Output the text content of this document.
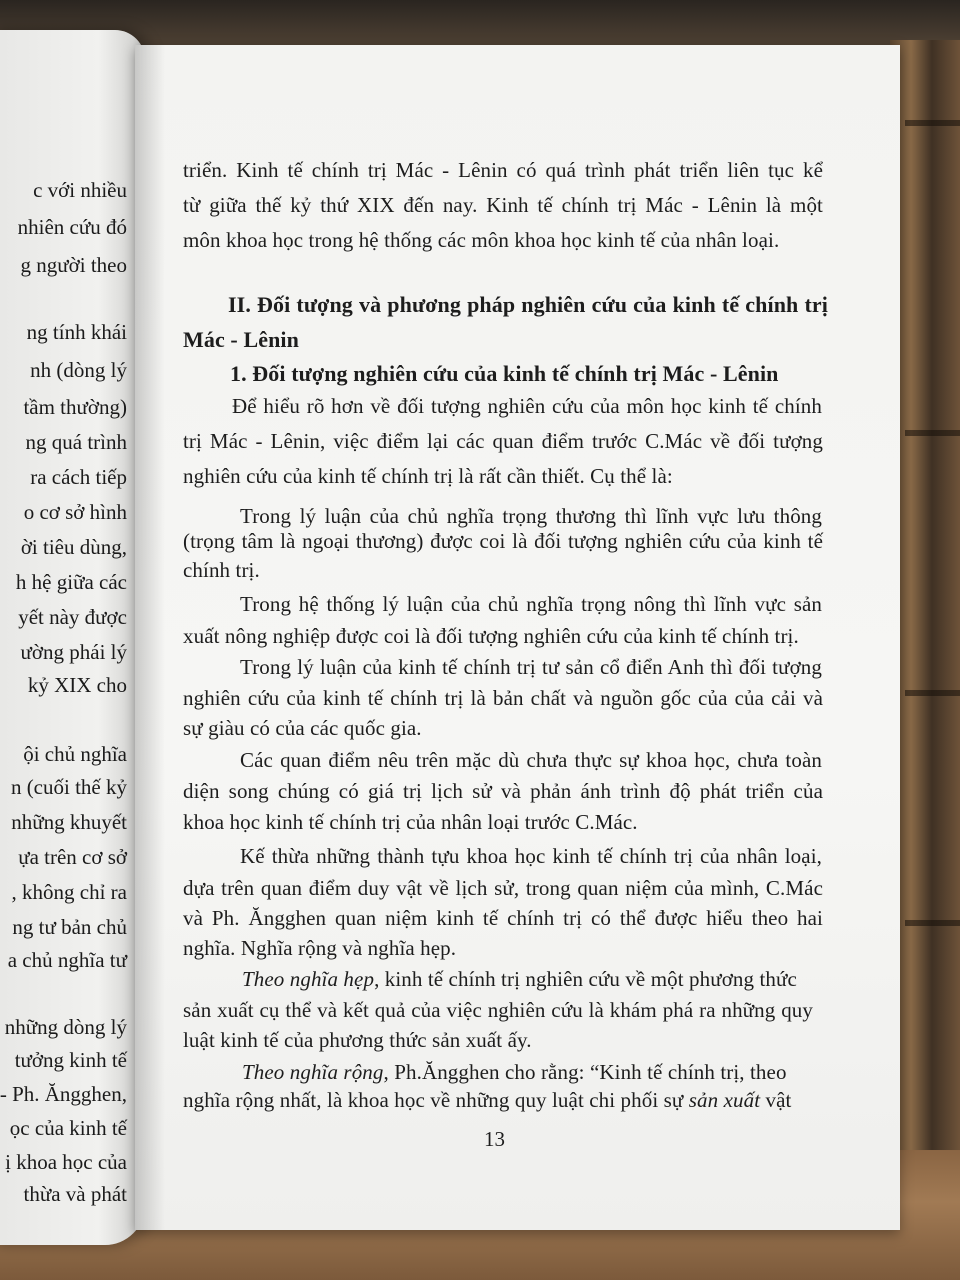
c với nhiều
nhiên cứu đó
g người theo
ng tính khái
nh (dòng lý
tầm thường)
ng quá trình
ra cách tiếp
o cơ sở hình
ời tiêu dùng,
h hệ giữa các
yết này được
ường phái lý
kỷ XIX cho
ội chủ nghĩa
n (cuối thế kỷ
những khuyết
ựa trên cơ sở
, không chỉ ra
ng tư bản chủ
a chủ nghĩa tư
những dòng lý
tưởng kinh tế
- Ph. Ăngghen,
ọc của kinh tế
ị khoa học của
thừa và phát
triển. Kinh tế chính trị Mác - Lênin có quá trình phát triển liên tục kể
từ giữa thế kỷ thứ XIX đến nay. Kinh tế chính trị Mác - Lênin là một
môn khoa học trong hệ thống các môn khoa học kinh tế của nhân loại.
II. Đối tượng và phương pháp nghiên cứu của kinh tế chính trị
Mác - Lênin
1. Đối tượng nghiên cứu của kinh tế chính trị Mác - Lênin
Để hiểu rõ hơn về đối tượng nghiên cứu của môn học kinh tế chính
trị Mác - Lênin, việc điểm lại các quan điểm trước C.Mác về đối tượng
nghiên cứu của kinh tế chính trị là rất cần thiết. Cụ thể là:
Trong lý luận của chủ nghĩa trọng thương thì lĩnh vực lưu thông
(trọng tâm là ngoại thương) được coi là đối tượng nghiên cứu của kinh tế
chính trị.
Trong hệ thống lý luận của chủ nghĩa trọng nông thì lĩnh vực sản
xuất nông nghiệp được coi là đối tượng nghiên cứu của kinh tế chính trị.
Trong lý luận của kinh tế chính trị tư sản cổ điển Anh thì đối tượng
nghiên cứu của kinh tế chính trị là bản chất và nguồn gốc của của cải và
sự giàu có của các quốc gia.
Các quan điểm nêu trên mặc dù chưa thực sự khoa học, chưa toàn
diện song chúng có giá trị lịch sử và phản ánh trình độ phát triển của
khoa học kinh tế chính trị của nhân loại trước C.Mác.
Kế thừa những thành tựu khoa học kinh tế chính trị của nhân loại,
dựa trên quan điểm duy vật về lịch sử, trong quan niệm của mình, C.Mác
và Ph. Ăngghen quan niệm kinh tế chính trị có thể được hiểu theo hai
nghĩa. Nghĩa rộng và nghĩa hẹp.
Theo nghĩa hẹp, kinh tế chính trị nghiên cứu về một phương thức
sản xuất cụ thể và kết quả của việc nghiên cứu là khám phá ra những quy
luật kinh tế của phương thức sản xuất ấy.
Theo nghĩa rộng, Ph.Ăngghen cho rằng: “Kinh tế chính trị, theo
nghĩa rộng nhất, là khoa học về những quy luật chi phối sự sản xuất vật
13
